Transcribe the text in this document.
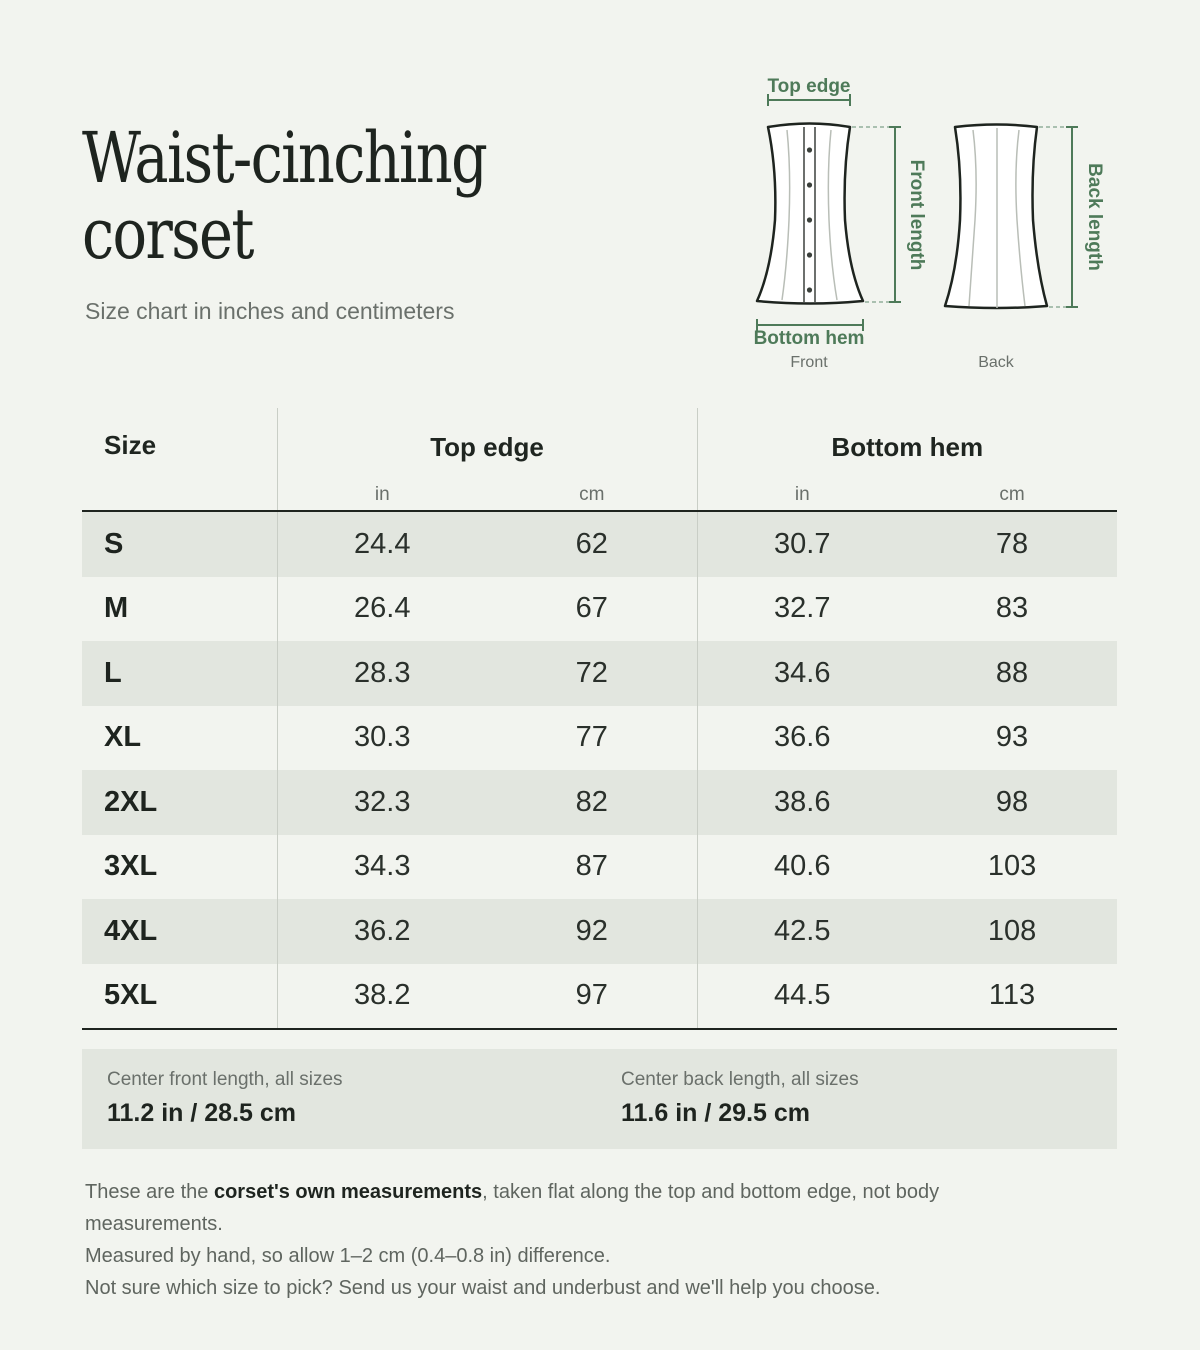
Waist-cinching
corset
Size chart in inches and centimeters
Top edge
Bottom hem
Front
Front length	Back length
Back
Size	Top edge		Bottom hem	
	in	cm	in	cm
S	24.4	62	30.7	78
M	26.4	67	32.7	83
L	28.3	72	34.6	88
XL	30.3	77	36.6	93
2XL	32.3	82	38.6	98
3XL	34.3	87	40.6	103
4XL	36.2	92	42.5	108
5XL	38.2	97	44.5	113
Center front length, all sizes
11.2 in / 28.5 cm
Center back length, all sizes
11.6 in / 29.5 cm

These are the corset's own measurements, taken flat along the top and bottom edge, not body measurements.

Measured by hand, so allow 1–2 cm (0.4–0.8 in) difference.

Not sure which size to pick? Send us your waist and underbust and we'll help you choose.
